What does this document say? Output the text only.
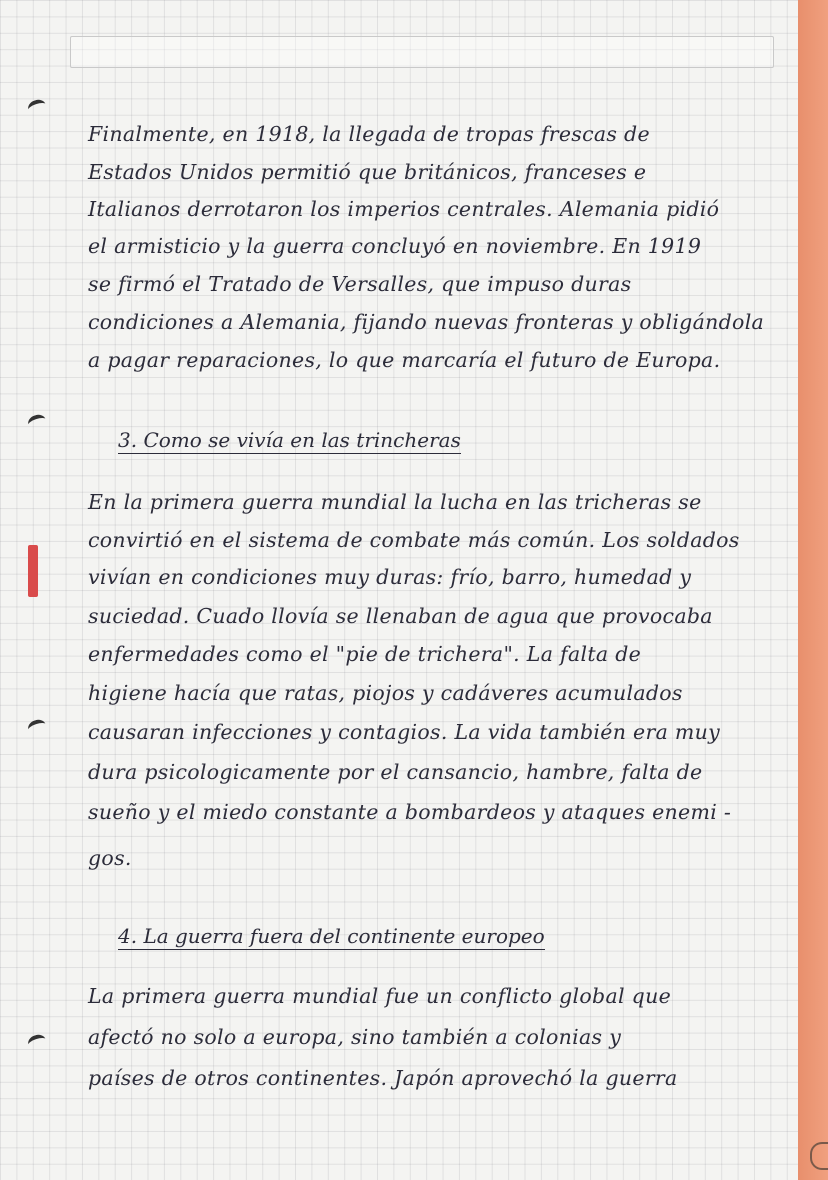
Finalmente, en 1918, la llegada de tropas frescas de

Estados Unidos permitió que británicos, franceses e

Italianos derrotaron los imperios centrales. Alemania pidió

el armisticio y la guerra concluyó en noviembre. En 1919

se firmó el Tratado de Versalles, que impuso duras

condiciones a Alemania, fijando nuevas fronteras y obligándola

a pagar reparaciones, lo que marcaría el futuro de Europa.

3. Como se vivía en las trincheras

En la primera guerra mundial la lucha en las tricheras se

convirtió en el sistema de combate más común. Los soldados

vivían en condiciones muy duras: frío, barro, humedad y

suciedad. Cuado llovía se llenaban de agua que provocaba

enfermedades como el "pie de trichera". La falta de

higiene hacía que ratas, piojos y cadáveres acumulados

causaran infecciones y contagios. La vida también era muy

dura psicologicamente por el cansancio, hambre, falta de

sueño y el miedo constante a bombardeos y ataques enemi -

gos.

4. La guerra fuera del continente europeo

La primera guerra mundial fue un conflicto global que

afectó no solo a europa, sino también a colonias y

países de otros continentes. Japón aprovechó la guerra
